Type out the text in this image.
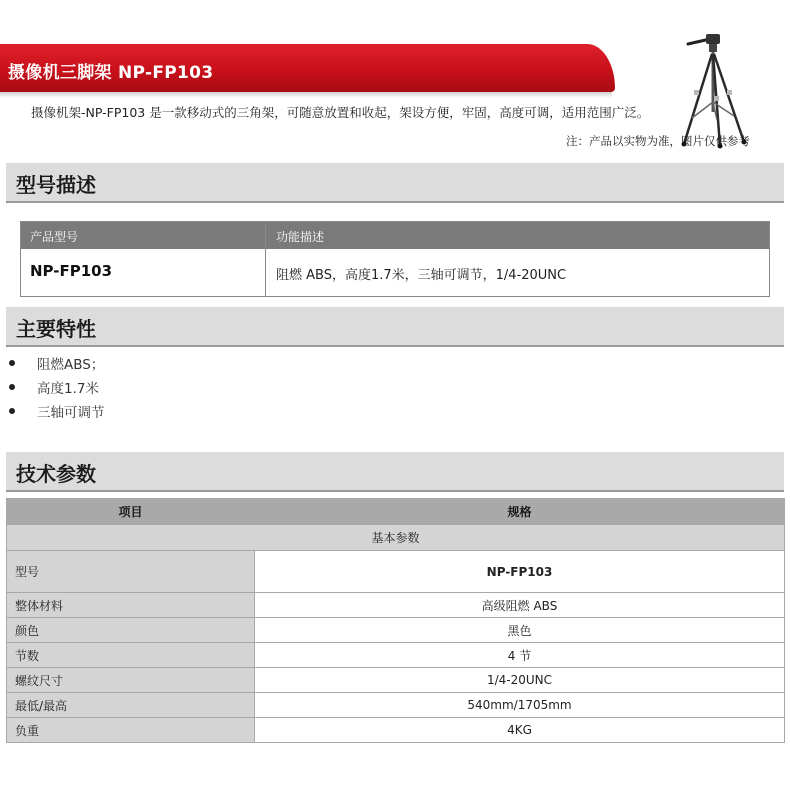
摄像机三脚架 NP-FP103
摄像机架-NP-FP103 是一款移动式的三角架，可随意放置和收起，架设方便，牢固，高度可调，适用范围广泛。
注：产品以实物为准，图片仅供参考
型号描述
产品型号	功能描述
NP-FP103	阻燃 ABS，高度1.7米，三轴可调节，1/4-20UNC
主要特性
阻燃ABS；
高度1.7米
三轴可调节
技术参数
项目	规格
基本参数	
型号	NP-FP103
整体材料	高级阻燃 ABS
颜色	黑色
节数	4 节
螺纹尺寸	1/4-20UNC
最低/最高	540mm/1705mm
负重	4KG
